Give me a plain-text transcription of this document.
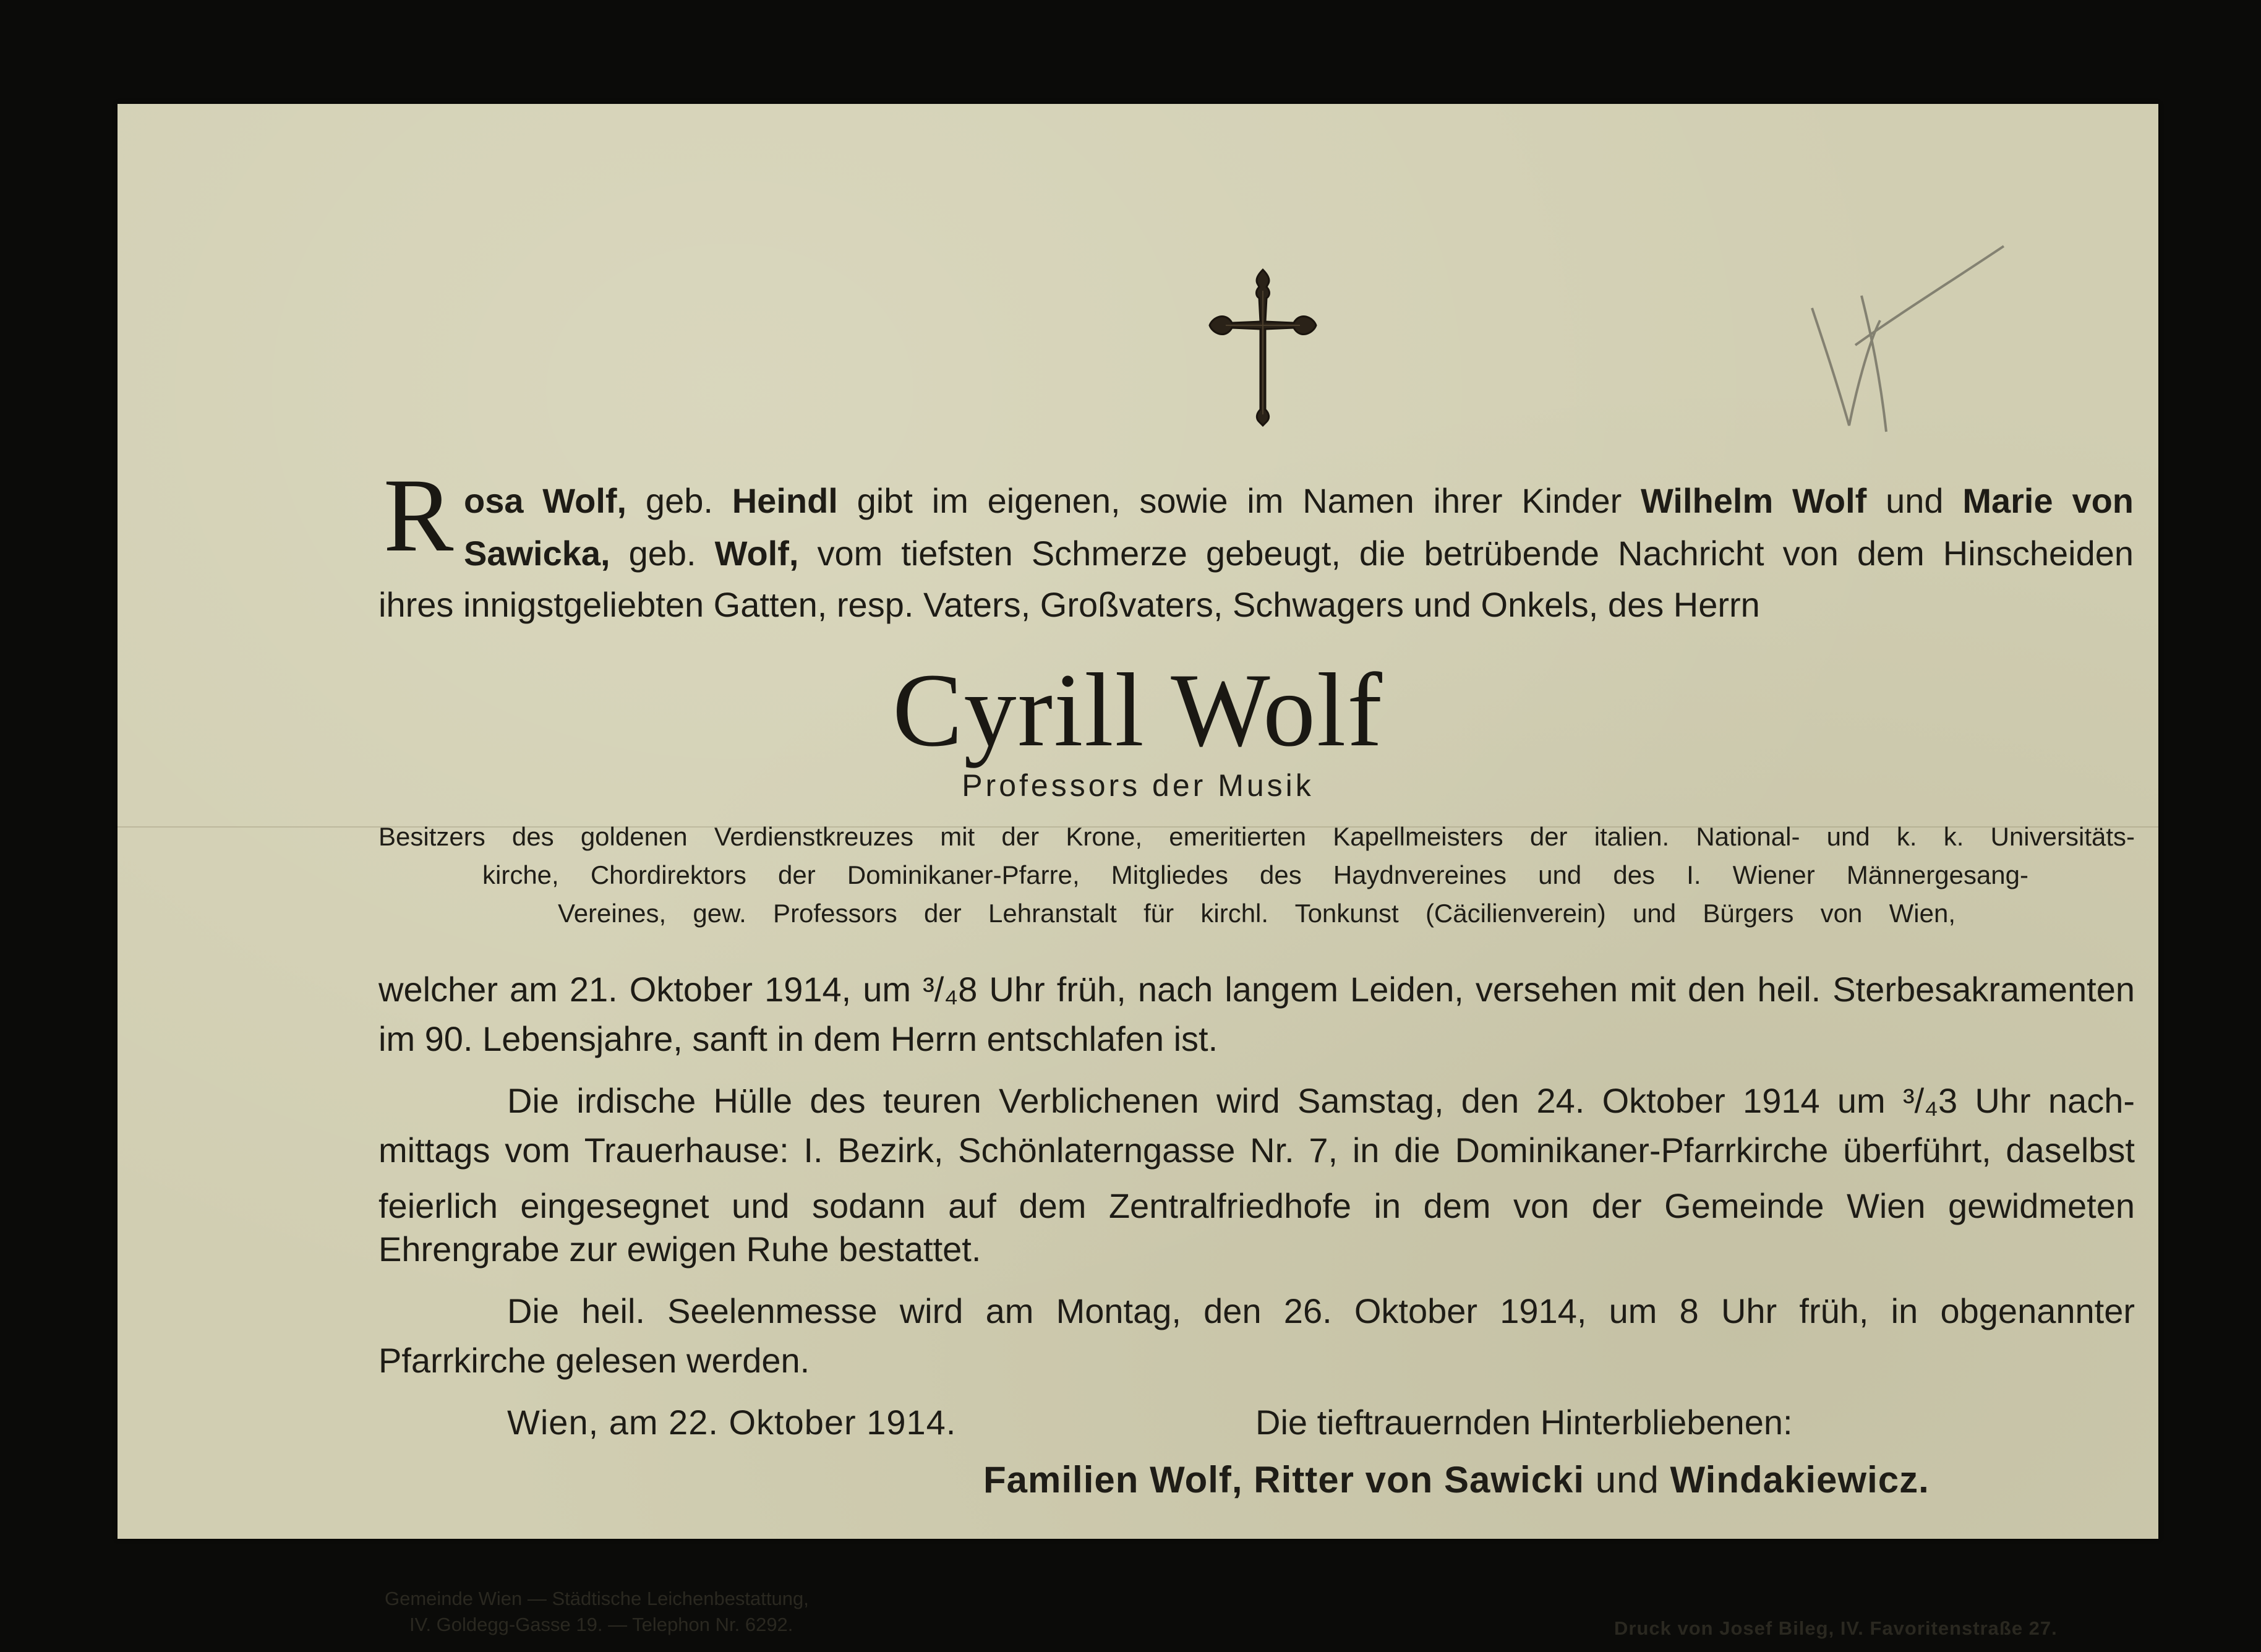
R osa Wolf, geb. Heindl gibt im eigenen, sowie im Namen ihrer Kinder Wilhelm Wolf und Marie von
Sawicka, geb. Wolf, vom tiefsten Schmerze gebeugt, die betrübende Nachricht von dem Hinscheiden
ihres innigstgeliebten Gatten, resp. Vaters, Großvaters, Schwagers und Onkels, des Herrn
Cyrill Wolf
Professors der Musik
Besitzers des goldenen Verdienstkreuzes mit der Krone, emeritierten Kapellmeisters der italien. National- und k. k. Universitäts-
kirche, Chordirektors der Dominikaner-Pfarre, Mitgliedes des Haydnvereines und des I. Wiener Männergesang-
Vereines, gew. Professors der Lehranstalt für kirchl. Tonkunst (Cäcilienverein) und Bürgers von Wien,
welcher am 21. Oktober 1914, um ³/₄8 Uhr früh, nach langem Leiden, versehen mit den heil. Sterbesakramenten
im 90. Lebensjahre, sanft in dem Herrn entschlafen ist.
Die irdische Hülle des teuren Verblichenen wird Samstag, den 24. Oktober 1914 um ³/₄3 Uhr nach-
mittags vom Trauerhause: I. Bezirk, Schönlaterngasse Nr. 7, in die Dominikaner-Pfarrkirche überführt, daselbst
feierlich eingesegnet und sodann auf dem Zentralfriedhofe in dem von der Gemeinde Wien gewidmeten
Ehrengrabe zur ewigen Ruhe bestattet.
Die heil. Seelenmesse wird am Montag, den 26. Oktober 1914, um 8 Uhr früh, in obgenannter
Pfarrkirche gelesen werden.
Wien, am 22. Oktober 1914.	Die tieftrauernden Hinterbliebenen:
Familien Wolf, Ritter von Sawicki und Windakiewicz.
Gemeinde Wien — Städtische Leichenbestattung,
IV. Goldegg-Gasse 19. — Telephon Nr. 6292.	Druck von Josef Bileg, IV. Favoritenstraße 27.
